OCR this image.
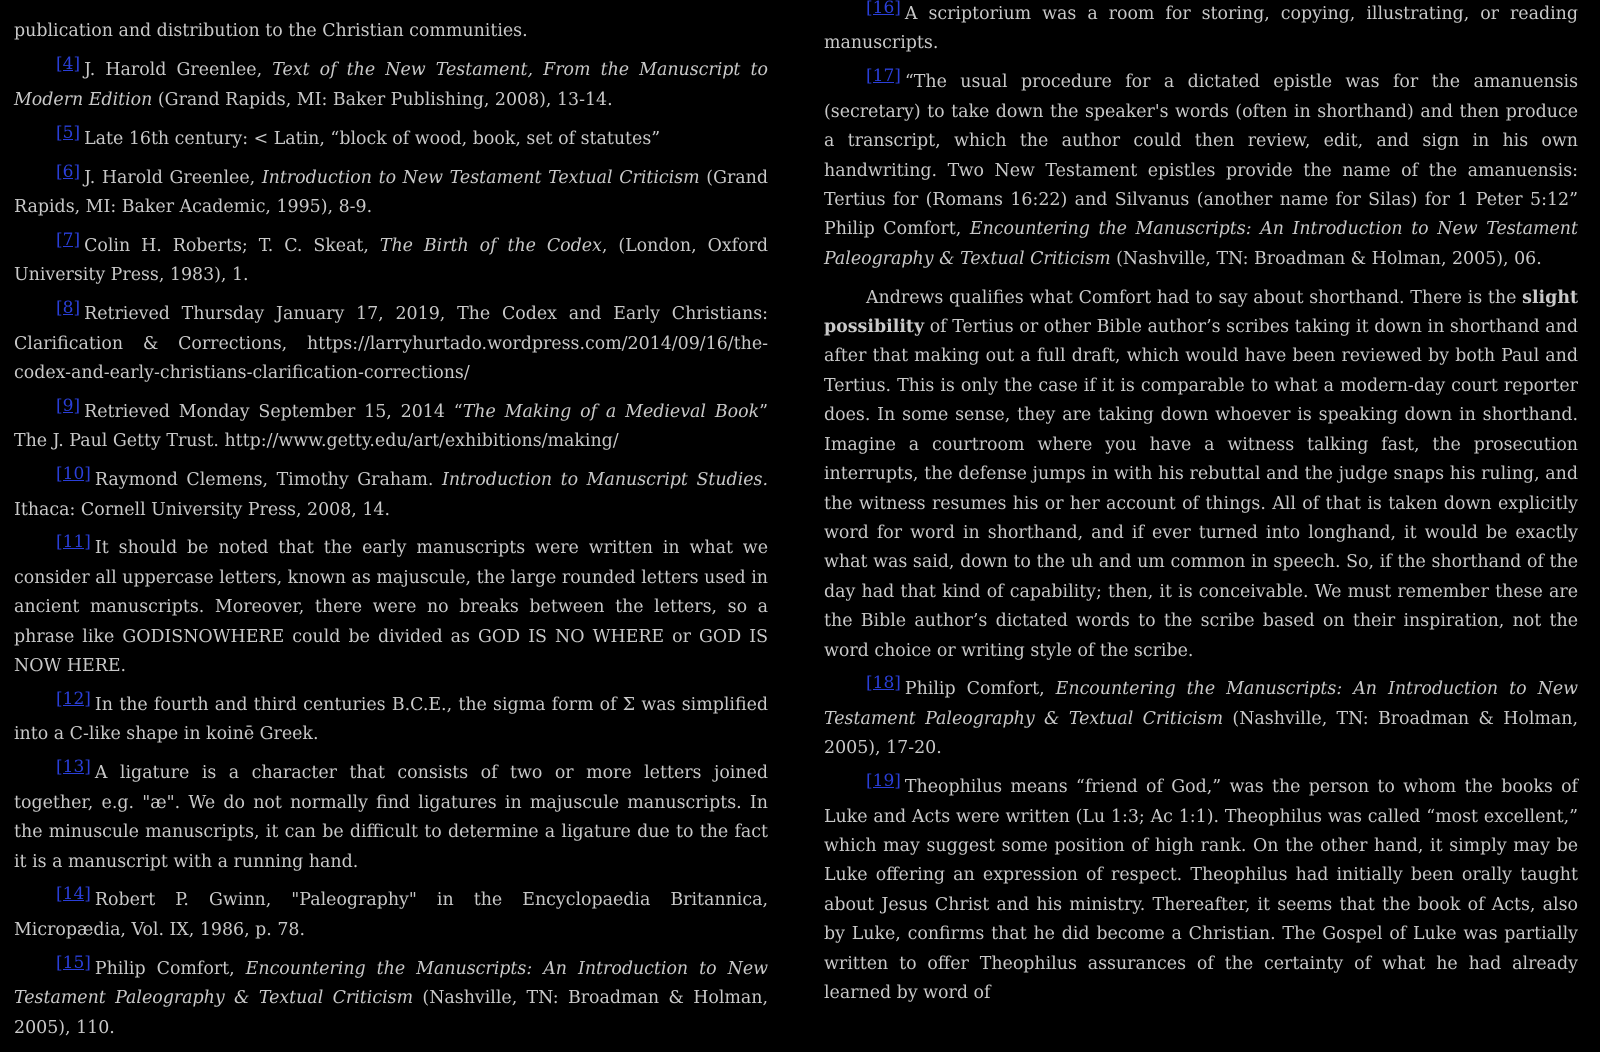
publication and distribution to the Christian communities.

[4] J. Harold Greenlee, Text of the New Testament, From the Manuscript to Modern Edition (Grand Rapids, MI: Baker Publishing, 2008), 13-14.

[5] Late 16th century: < Latin, “block of wood, book, set of statutes”

[6] J. Harold Greenlee, Introduction to New Testament Textual Criticism (Grand Rapids, MI: Baker Academic, 1995), 8-9.

[7] Colin H. Roberts; T. C. Skeat, The Birth of the Codex, (London, Oxford University Press, 1983), 1.

[8] Retrieved Thursday January 17, 2019, The Codex and Early Christians: Clarification & Corrections, https://larryhurtado.wordpress.com/2014/09/16/the-codex-and-early-christians-clarification-corrections/

[9] Retrieved Monday September 15, 2014 “The Making of a Medieval Book” The J. Paul Getty Trust. http://www.getty.edu/art/exhibitions/making/

[10] Raymond Clemens, Timothy Graham. Introduction to Manuscript Studies. Ithaca: Cornell University Press, 2008, 14.

[11] It should be noted that the early manuscripts were written in what we consider all uppercase letters, known as majuscule, the large rounded letters used in ancient manuscripts. Moreover, there were no breaks between the letters, so a phrase like GODISNOWHERE could be divided as GOD IS NO WHERE or GOD IS NOW HERE.

[12] In the fourth and third centuries B.C.E., the sigma form of Σ was simplified into a C-like shape in koinē Greek.

[13] A ligature is a character that consists of two or more letters joined together, e.g. "æ". We do not normally find ligatures in majuscule manuscripts. In the minuscule manuscripts, it can be difficult to determine a ligature due to the fact it is a manuscript with a running hand.

[14] Robert P. Gwinn, "Paleography" in the Encyclopaedia Britannica, Micropædia, Vol. IX, 1986, p. 78.

[15] Philip Comfort, Encountering the Manuscripts: An Introduction to New Testament Paleography & Textual Criticism (Nashville, TN: Broadman & Holman, 2005), 110.

[16] A scriptorium was a room for storing, copying, illustrating, or reading manuscripts.

[17] “The usual procedure for a dictated epistle was for the amanuensis (secretary) to take down the speaker's words (often in shorthand) and then produce a transcript, which the author could then review, edit, and sign in his own handwriting. Two New Testament epistles provide the name of the amanuensis: Tertius for (Romans 16:22) and Silvanus (another name for Silas) for 1 Peter 5:12” Philip Comfort, Encountering the Manuscripts: An Introduction to New Testament Paleography & Textual Criticism (Nashville, TN: Broadman & Holman, 2005), 06.

Andrews qualifies what Comfort had to say about shorthand. There is the slight possibility of Tertius or other Bible author’s scribes taking it down in shorthand and after that making out a full draft, which would have been reviewed by both Paul and Tertius. This is only the case if it is comparable to what a modern-day court reporter does. In some sense, they are taking down whoever is speaking down in shorthand. Imagine a courtroom where you have a witness talking fast, the prosecution interrupts, the defense jumps in with his rebuttal and the judge snaps his ruling, and the witness resumes his or her account of things. All of that is taken down explicitly word for word in shorthand, and if ever turned into longhand, it would be exactly what was said, down to the uh and um common in speech. So, if the shorthand of the day had that kind of capability; then, it is conceivable. We must remember these are the Bible author’s dictated words to the scribe based on their inspiration, not the word choice or writing style of the scribe.

[18] Philip Comfort, Encountering the Manuscripts: An Introduction to New Testament Paleography & Textual Criticism (Nashville, TN: Broadman & Holman, 2005), 17-20.

[19] Theophilus means “friend of God,” was the person to whom the books of Luke and Acts were written (Lu 1:3; Ac 1:1). Theophilus was called “most excellent,” which may suggest some position of high rank. On the other hand, it simply may be Luke offering an expression of respect. Theophilus had initially been orally taught about Jesus Christ and his ministry. Thereafter, it seems that the book of Acts, also by Luke, confirms that he did become a Christian. The Gospel of Luke was partially written to offer Theophilus assurances of the certainty of what he had already learned by word of
